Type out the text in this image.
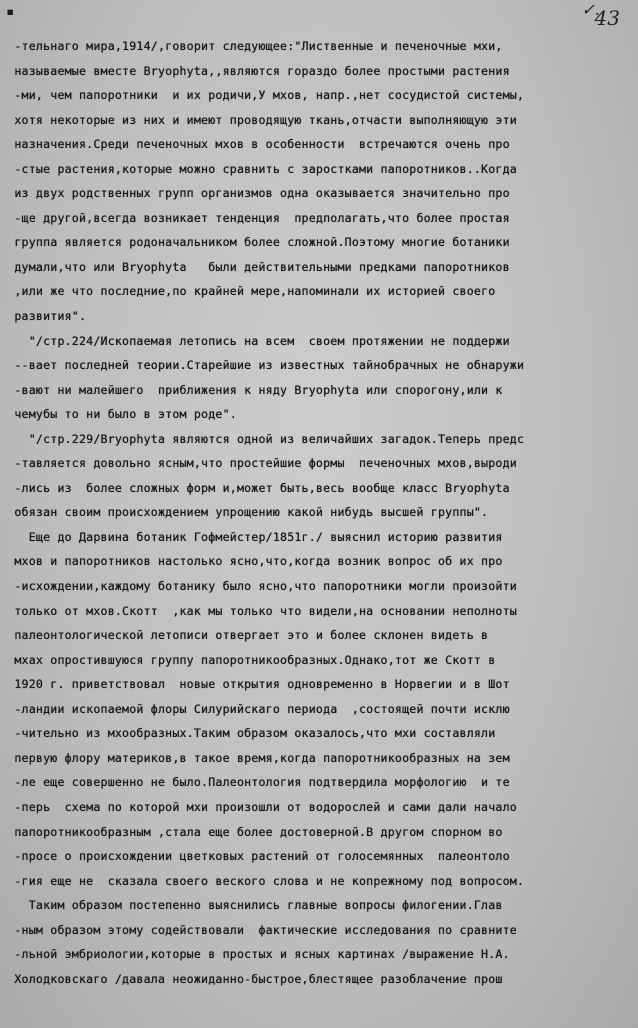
▪	✓.
43
-тельнаго мира,1914/,говорит следующее:"Лиственные и печеночные мхи,
называемые вместе Bryophyta,,являются гораздо более простыми растения
-ми, чем папоротники  и их родичи,У мхов, напр.,нет сосудистой системы,
хотя некоторые из них и имеют проводящую ткань,отчасти выполняющую эти
назначения.Среди печеночных мхов в особенности  встречаются очень про
-стые растения,которые можно сравнить с заростками папоротников..Когда
из двух родственных групп организмов одна оказывается значительно про
-ще другой,всегда возникает тенденция  предполагать,что более простая
группа является родоначальником более сложной.Поэтому многие ботаники
думали,что или Bryophyta   были действительными предками папоротников
,или же что последние,по крайней мере,напоминали их историей своего
развития".
"/стр.224/Ископаемая летопись на всем  своем протяжении не поддержи
--вает последней теории.Старейшие из известных тайнобрачных не обнаружи
-вают ни малейшего  приближения к няду Bryophyta или спорогону,или к
чемубы то ни было в этом роде".
"/стр.229/Bryophyta являются одной из величайших загадок.Теперь предс
-тавляется довольно ясным,что простейшие формы  печеночных мхов,выроди
-лись из  более сложных форм и,может быть,весь вообще класс Bryophyta
обязан своим происхождением упрощению какой нибудь высшей группы".
Еще до Дарвина ботаник Гофмейстер/1851г./ выяснил историю развития
мхов и папоротников настолько ясно,что,когда возник вопрос об их про
-исхождении,каждому ботанику было ясно,что папоротники могли произойти
только от мхов.Скотт  ,как мы только что видели,на основании неполноты
палеонтологической летописи отвергает это и более склонен видеть в
мхах опростившуюся группу папоротникообразных.Однако,тот же Скотт в
1920 г. приветствовал  новые открытия одновременно в Норвегии и в Шот
-ландии ископаемой флоры Силурийскаго периода  ,состоящей почти исклю
-чительно из мхообразных.Таким образом оказалось,что мхи составляли
первую флору материков,в такое время,когда папоротникообразных на зем
-ле еще совершенно не было.Палеонтология подтвердила морфологию  и те
-перь  схема по которой мхи произошли от водорослей и сами дали начало
папоротникообразным ,стала еще более достоверной.В другом спорном во
-просе о происхождении цветковых растений от голосемянных  палеонтоло
-гия еще не  сказала своего веского слова и не копрежному под вопросом.
Таким образом постепенно выяснились главные вопросы филогении.Глав
-ным образом этому содействовали  фактические исследования по сравните
-льной эмбриологии,которые в простых и ясных картинах /выражение Н.А.
Холодковскаго /давала неожиданно-быстрое,блестящее разоблачение прош
